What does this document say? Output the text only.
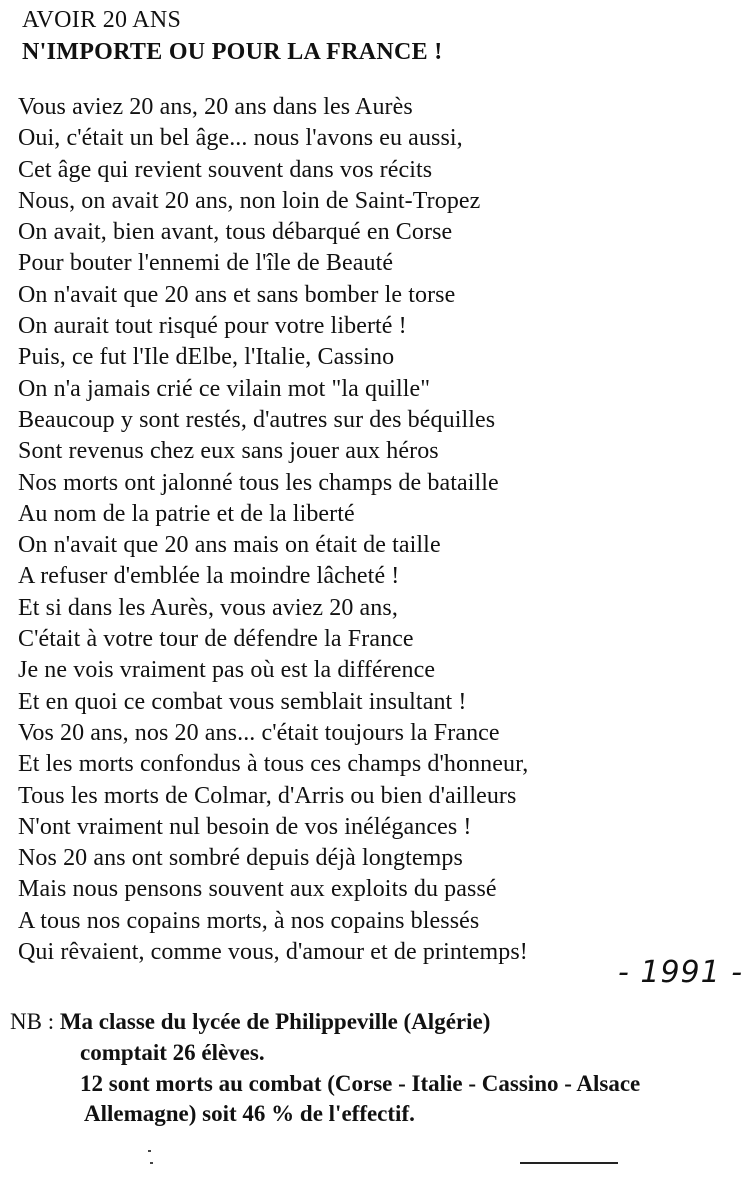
AVOIR 20 ANS
N'IMPORTE OU POUR LA FRANCE !
Vous aviez 20 ans, 20 ans dans les Aurès
Oui, c'était un bel âge... nous l'avons eu aussi,
Cet âge qui revient souvent dans vos récits
Nous, on avait 20 ans, non loin de Saint-Tropez
On avait, bien avant, tous débarqué en Corse
Pour bouter l'ennemi de l'île de Beauté
On n'avait que 20 ans et sans bomber le torse
On aurait tout risqué pour votre liberté !
Puis, ce fut l'Ile dElbe, l'Italie, Cassino
On n'a jamais crié ce vilain mot "la quille"
Beaucoup y sont restés, d'autres sur des béquilles
Sont revenus chez eux sans jouer aux héros
Nos morts ont jalonné tous les champs de bataille
Au nom de la patrie et de la liberté
On n'avait que 20 ans mais on était de taille
A refuser d'emblée la moindre lâcheté !
Et si dans les Aurès, vous aviez 20 ans,
C'était à votre tour de défendre la France
Je ne vois vraiment pas où est la différence
Et en quoi ce combat vous semblait insultant !
Vos 20 ans, nos 20 ans... c'était toujours la France
Et les morts confondus à tous ces champs d'honneur,
Tous les morts de Colmar, d'Arris ou bien d'ailleurs
N'ont vraiment nul besoin de vos inélégances !
Nos 20 ans ont sombré depuis déjà longtemps
Mais nous pensons souvent aux exploits du passé
A tous nos copains morts, à nos copains blessés
Qui rêvaient, comme vous, d'amour et de printemps!
- 1991 -
NB : Ma classe du lycée de Philippeville (Algérie)
comptait 26 élèves.
12 sont morts au combat (Corse - Italie - Cassino - Alsace
Allemagne) soit 46 % de l'effectif.
